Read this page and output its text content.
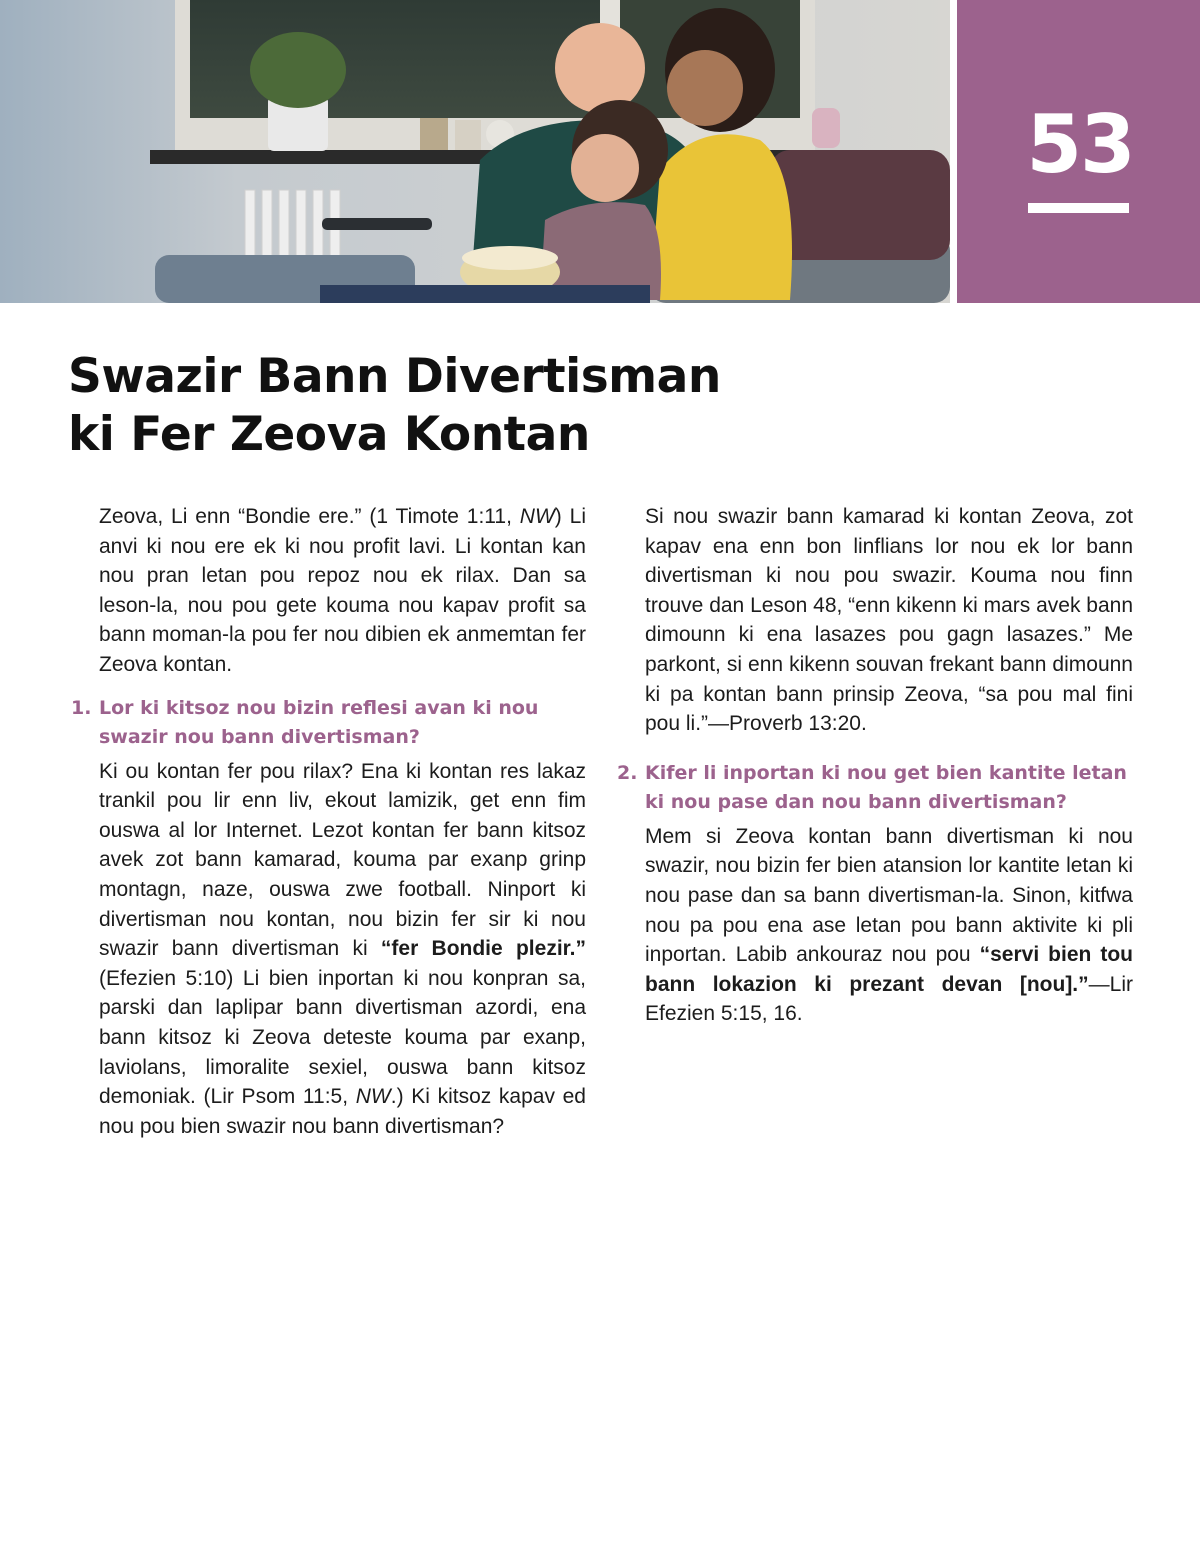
53
Swazir Bann Divertisman
ki Fer Zeova Kontan

Zeova, Li enn “Bondie ere.” (1 Timote 1:11, NW) Li anvi ki nou ere ek ki nou profit lavi. Li kontan kan nou pran letan pou repoz nou ek rilax. Dan sa leson-la, nou pou gete kouma nou kapav profit sa bann moman-la pou fer nou dibien ek anmemtan fer Zeova kontan.

1. Lor ki kitsoz nou bizin reflesi avan ki nou swazir nou bann divertisman?

Ki ou kontan fer pou rilax? Ena ki kontan res lakaz trankil pou lir enn liv, ekout lamizik, get enn fim ouswa al lor Internet. Lezot kontan fer bann kitsoz avek zot bann kamarad, kouma par exanp grinp montagn, naze, ouswa zwe football. Ninport ki divertisman nou kontan, nou bizin fer sir ki nou swazir bann divertisman ki “fer Bondie plezir.” (Efezien 5:10) Li bien inportan ki nou konpran sa, parski dan laplipar bann divertisman azordi, ena bann kitsoz ki Zeova deteste kouma par exanp, laviolans, limoralite sexiel, ouswa bann kitsoz demoniak. (Lir Psom 11:5, NW.) Ki kitsoz kapav ed nou pou bien swazir nou bann divertisman?

Si nou swazir bann kamarad ki kontan Zeova, zot kapav ena enn bon linflians lor nou ek lor bann divertisman ki nou pou swazir. Kouma nou finn trouve dan Leson 48, “enn kikenn ki mars avek bann dimounn ki ena lasazes pou gagn lasazes.” Me parkont, si enn kikenn souvan frekant bann dimounn ki pa kontan bann prinsip Zeova, “sa pou mal fini pou li.”—Proverb 13:20.

2. Kifer li inportan ki nou get bien kantite letan ki nou pase dan nou bann divertisman?

Mem si Zeova kontan bann divertisman ki nou swazir, nou bizin fer bien atansion lor kantite letan ki nou pase dan sa bann divertisman-la. Sinon, kitfwa nou pa pou ena ase letan pou bann aktivite ki pli inportan. Labib ankouraz nou pou “servi bien tou bann lokazion ki prezant devan [nou].”—Lir Efezien 5:15, 16.
